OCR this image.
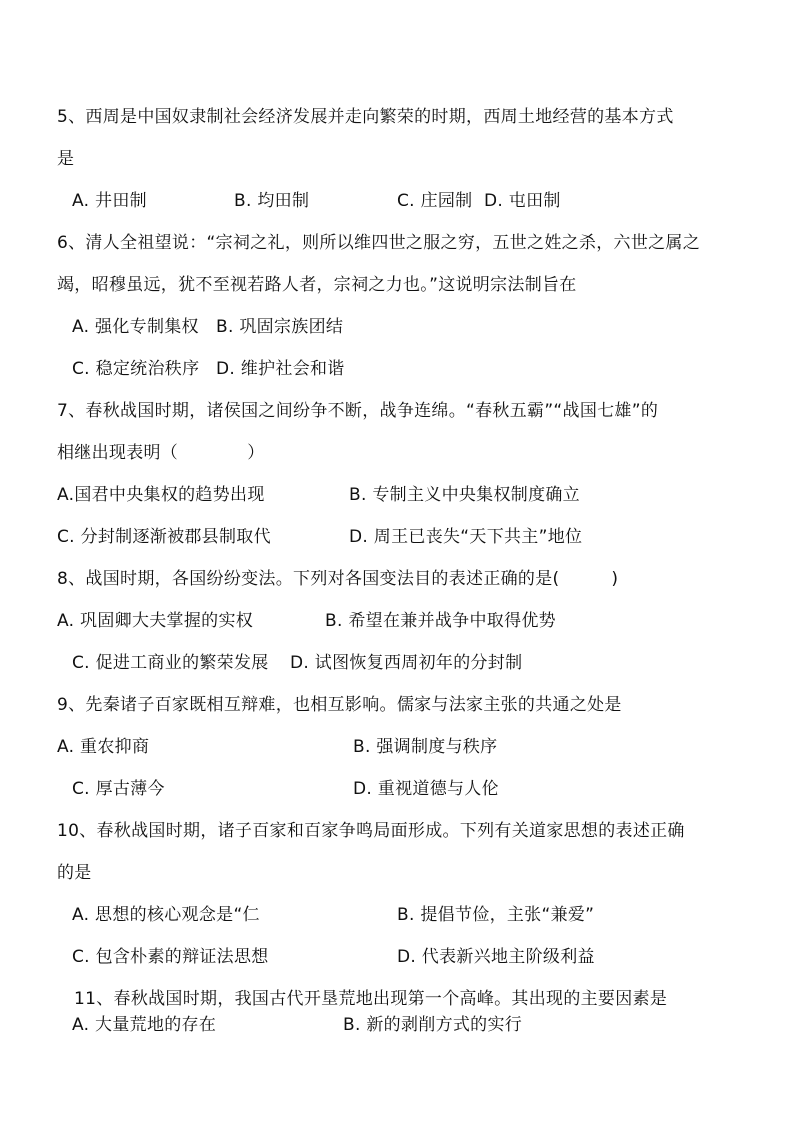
5、西周是中国奴隶制社会经济发展并走向繁荣的时期，西周土地经营的基本方式
是
A. 井田制	B. 均田制	C. 庄园制 D. 屯田制
6、清人全祖望说：“宗祠之礼，则所以维四世之服之穷，五世之姓之杀，六世之属之
竭，昭穆虽远，犹不至视若路人者，宗祠之力也。”这说明宗法制旨在
A. 强化专制集权 B. 巩固宗族团结
C. 稳定统治秩序 D. 维护社会和谐
7、春秋战国时期，诸侯国之间纷争不断，战争连绵。“春秋五霸”“战国七雄”的
相继出现表明（　　　　）
A.国君中央集权的趋势出现	B. 专制主义中央集权制度确立
C. 分封制逐渐被郡县制取代	D. 周王已丧失“天下共主”地位
8、战国时期，各国纷纷变法。下列对各国变法目的表述正确的是(　　　)
A. 巩固卿大夫掌握的实权	B. 希望在兼并战争中取得优势
C. 促进工商业的繁荣发展 D. 试图恢复西周初年的分封制
9、先秦诸子百家既相互辩难，也相互影响。儒家与法家主张的共通之处是
A. 重农抑商	B. 强调制度与秩序
C. 厚古薄今	D. 重视道德与人伦
10、春秋战国时期，诸子百家和百家争鸣局面形成。下列有关道家思想的表述正确
的是
A. 思想的核心观念是“仁	B. 提倡节俭，主张“兼爱”
C. 包含朴素的辩证法思想	D. 代表新兴地主阶级利益
11、春秋战国时期，我国古代开垦荒地出现第一个高峰。其出现的主要因素是
A. 大量荒地的存在	B. 新的剥削方式的实行
